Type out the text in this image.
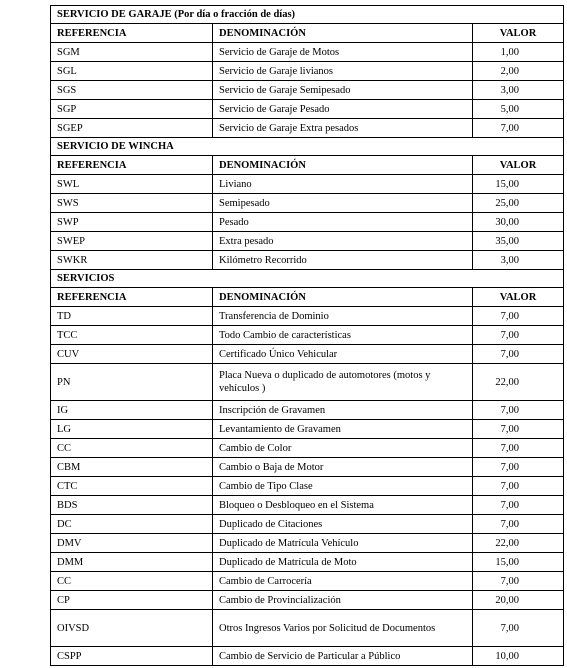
SERVICIO DE GARAJE (Por día o fracción de días)		
REFERENCIA	DENOMINACIÓN	VALOR
SGM	Servicio de Garaje de Motos	1,00
SGL	Servicio de Garaje livianos	2,00
SGS	Servicio de Garaje Semipesado	3,00
SGP	Servicio de Garaje Pesado	5,00
SGEP	Servicio de Garaje Extra pesados	7,00
SERVICIO DE WINCHA		
REFERENCIA	DENOMINACIÓN	VALOR
SWL	Liviano	15,00
SWS	Semipesado	25,00
SWP	Pesado	30,00
SWEP	Extra pesado	35,00
SWKR	Kilómetro Recorrido	3,00
SERVICIOS		
REFERENCIA	DENOMINACIÓN	VALOR
TD	Transferencia de Dominio	7,00
TCC	Todo Cambio de características	7,00
CUV	Certificado Único Vehicular	7,00
PN	Placa Nueva o duplicado de automotores (motos y vehículos )	22,00
IG	Inscripción de Gravamen	7,00
LG	Levantamiento de Gravamen	7,00
CC	Cambio de Color	7,00
CBM	Cambio o Baja de Motor	7,00
CTC	Cambio de Tipo Clase	7,00
BDS	Bloqueo o Desbloqueo en el Sistema	7,00
DC	Duplicado de Citaciones	7,00
DMV	Duplicado de Matrícula Vehículo	22,00
DMM	Duplicado de Matrícula de Moto	15,00
CC	Cambio de Carrocería	7,00
CP	Cambio de Provincialización	20,00
OIVSD	Otros Ingresos Varios por Solicitud de Documentos	7,00
CSPP	Cambio de Servicio de Particular a Público	10,00
